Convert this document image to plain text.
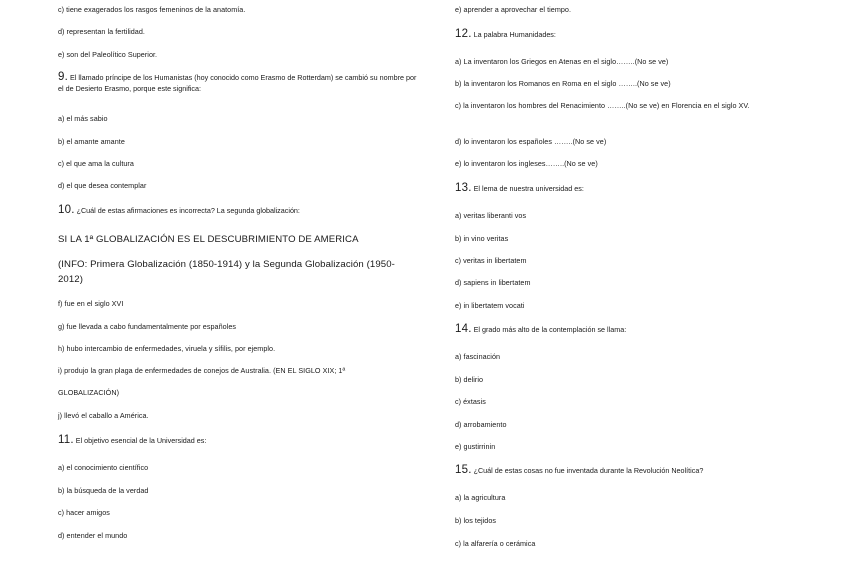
c) tiene exagerados los rasgos femeninos de la anatomía.
d) representan la fertilidad.
e) son del Paleolítico Superior.
9. El llamado príncipe de los Humanistas (hoy conocido como Erasmo de Rotterdam) se cambió su nombre por el de Desierto Erasmo, porque este significa:
a) el más sabio
b) el amante amante
c) el que ama la cultura
d) el que desea contemplar
10. ¿Cuál de estas afirmaciones es incorrecta? La segunda globalización:
SI LA 1ª GLOBALIZACIÓN ES EL DESCUBRIMIENTO DE AMERICA
(INFO: Primera Globalización (1850-1914) y la Segunda Globalización (1950-2012)
f) fue en el siglo XVI
g) fue llevada a cabo fundamentalmente por españoles
h) hubo intercambio de enfermedades, viruela y sífilis, por ejemplo.
i) produjo la gran plaga de enfermedades de conejos de Australia. (EN EL SIGLO XIX; 1ª
GLOBALIZACIÓN)
j) llevó el caballo a América.
11. El objetivo esencial de la Universidad es:
a) el conocimiento científico
b) la búsqueda de la verdad
c) hacer amigos
d) entender el mundo
e) aprender a aprovechar el tiempo.
12. La palabra Humanidades:
a) La inventaron los Griegos en Atenas en el siglo……..(No se ve)
b) la inventaron los Romanos en Roma en el siglo ……..(No se ve)
c) la inventaron los hombres del Renacimiento ……..(No se ve) en Florencia en el siglo XV.
d) lo inventaron los españoles ……..(No se ve)
e) lo inventaron los ingleses……..(No se ve)
13. El lema de nuestra universidad es:
a) veritas liberanti vos
b) in vino veritas
c) veritas in libertatem
d) sapiens in libertatem
e) in libertatem vocati
14. El grado más alto de la contemplación se llama:
a) fascinación
b) delirio
c) éxtasis
d) arrobamiento
e) gustirrinin
15. ¿Cuál de estas cosas no fue inventada durante la Revolución Neolítica?
a) la agricultura
b) los tejidos
c) la alfarería o cerámica
